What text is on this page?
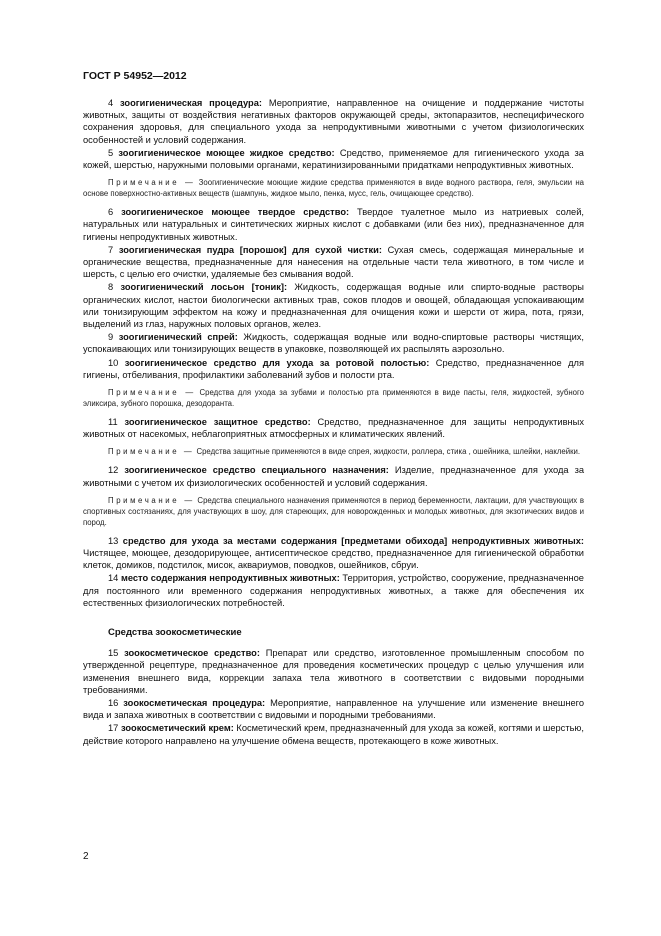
ГОСТ Р 54952—2012
4 зоогигиеническая процедура: Мероприятие, направленное на очищение и поддержание чистоты животных, защиты от воздействия негативных факторов окружающей среды, эктопаразитов, неспецифического сохранения здоровья, для специального ухода за непродуктивными животными с учетом физиологических особенностей и условий содержания.
5 зоогигиеническое моющее жидкое средство: Средство, применяемое для гигиенического ухода за кожей, шерстью, наружными половыми органами, кератинизированными придатками непродуктивных животных.
Примечание — Зоогигиенические моющие жидкие средства применяются в виде водного раствора, геля, эмульсии на основе поверхностно-активных веществ (шампунь, жидкое мыло, пенка, мусс, гель, очищающее средство).
6 зоогигиеническое моющее твердое средство: Твердое туалетное мыло из натриевых солей, натуральных или натуральных и синтетических жирных кислот с добавками (или без них), предназначенное для гигиены непродуктивных животных.
7 зоогигиеническая пудра [порошок] для сухой чистки: Сухая смесь, содержащая минеральные и органические вещества, предназначенные для нанесения на отдельные части тела животного, в том числе и шерсть, с целью его очистки, удаляемые без смывания водой.
8 зоогигиенический лосьон [тоник]: Жидкость, содержащая водные или спирто-водные растворы органических кислот, настои биологически активных трав, соков плодов и овощей, обладающая успокаивающим или тонизирующим эффектом на кожу и предназначенная для очищения кожи и шерсти от жира, пота, грязи, выделений из глаз, наружных половых органов, желез.
9 зоогигиенический спрей: Жидкость, содержащая водные или водно-спиртовые растворы чистящих, успокаивающих или тонизирующих веществ в упаковке, позволяющей их распылять аэрозольно.
10 зоогигиеническое средство для ухода за ротовой полостью: Средство, предназначенное для гигиены, отбеливания, профилактики заболеваний зубов и полости рта.
Примечание — Средства для ухода за зубами и полостью рта применяются в виде пасты, геля, жидкостей, зубного эликсира, зубного порошка, дезодоранта.
11 зоогигиеническое защитное средство: Средство, предназначенное для защиты непродуктивных животных от насекомых, неблагоприятных атмосферных и климатических явлений.
Примечание — Средства защитные применяются в виде спрея, жидкости, роллера, стика , ошейника, шлейки, наклейки.
12 зоогигиеническое средство специального назначения: Изделие, предназначенное для ухода за животными с учетом их физиологических особенностей и условий содержания.
Примечание — Средства специального назначения применяются в период беременности, лактации, для участвующих в спортивных состязаниях, для участвующих в шоу, для стареющих, для новорожденных и молодых животных, для экзотических видов и пород.
13 средство для ухода за местами содержания [предметами обихода] непродуктивных животных: Чистящее, моющее, дезодорирующее, антисептическое средство, предназначенное для гигиенической обработки клеток, домиков, подстилок, мисок, аквариумов, поводков, ошейников, сбруи.
14 место содержания непродуктивных животных: Территория, устройство, сооружение, предназначенное для постоянного или временного содержания непродуктивных животных, а также для обеспечения их естественных физиологических потребностей.
Средства зоокосметические
15 зоокосметическое средство: Препарат или средство, изготовленное промышленным способом по утвержденной рецептуре, предназначенное для проведения косметических процедур с целью улучшения или изменения внешнего вида, коррекции запаха тела животного в соответствии с видовыми породными требованиями.
16 зоокосметическая процедура: Мероприятие, направленное на улучшение или изменение внешнего вида и запаха животных в соответствии с видовыми и породными требованиями.
17 зоокосметический крем: Косметический крем, предназначенный для ухода за кожей, когтями и шерстью, действие которого направлено на улучшение обмена веществ, протекающего в коже животных.
2
